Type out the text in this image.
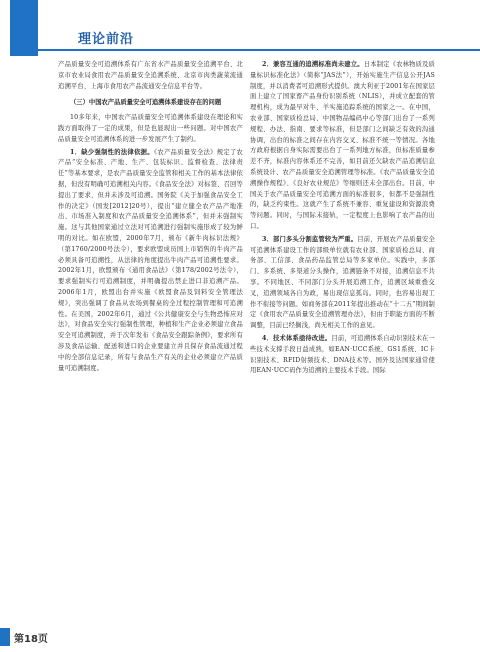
理论前沿

产品质量安全可追溯体系有广东省水产品质量安全追溯平台、北京市农业局食用农产品质量安全追溯系统、北京市肉类蔬菜流通追溯平台、上海市食用农产品流通安全信息平台等。

（三）中国农产品质量安全可追溯体系建设存在的问题

10多年来，中国农产品质量安全可追溯体系建设在理论和实践方面取得了一定的成果，但是也显现出一些问题。对中国农产品质量安全可追溯体系的进一步发展产生了制约。

1．缺少强制性的法律依据。《农产品质量安全法》规定了农产品“安全标准、产地、生产、包装标识、监督检查、法律责任”等基本要求，是农产品质量安全监管和相关工作的基本法律依据，但没有明确可追溯相关内容。《食品安全法》对标签、召回等提出了要求，但并未涉及可追溯。国务院《关于加强食品安全工作的决定》（国发[2012]20号），提出“建立健全农产品产地准出、市场准入制度和农产品质量安全追溯体系”，但并未强制实施。这与其他国家通过立法对可追溯进行强制实施形成了较为鲜明的对比。如在欧盟，2000年7月，颁布《新牛肉标识法规》（第1760/2000号法令），要求欧盟成员国上市销售的牛肉产品必须具备可追溯性，从法律的角度提出牛肉产品可追溯性要求。2002年1月，欧盟颁布《通用食品法》（第178/2002号法令），要求强制实行可追溯制度，并明确提出禁止进口非追溯产品。2006年1月，欧盟出台并实施《欧盟食品及饲料安全管理法规》，突出强调了食品从农场到餐桌的全过程控制管理和可追溯性。在美国，2002年6月，通过《公共健康安全与生物恐怖应对法》，对食品安全实行强制性管理，种植和生产企业必须建立食品安全可追溯制度，并于次年发布《食品安全跟踪条例》，要求所有涉及食品运输、配送和进口的企业要建立并且保存食品流通过程中的全部信息记录，所有与食品生产有关的企业必须建立产品质量可追溯制度。

2．兼容互通的追溯标准尚未建立。日本制定《农林物质及质量标识标准化法》（简称“JAS法”），开始实施生产信息公开JAS制度，并以消费者可追溯形式提供。澳大利亚于2001年在国家层面上建立了国家畜产品身份识别系统（NLIS），并成立配套的管理机构，成为最早对牛、羊实施追踪系统的国家之一。在中国，农业部、国家质检总局、中国物品编码中心等部门出台了一系列规程、办法、指南、要求等标准，但是部门之间缺乏有效的沟通协调，出台的标准之间存在内容交叉、标准不统一等情况。各地方政府根据自身实际需要出台了一系列地方标准，但标准质量参差不齐，标准内容体系还不完善，如目前还欠缺农产品追溯信息系统设计、农产品质量安全追溯管理等标准。《农产品质量安全追溯操作规程》、《良好农业规范》等细则还未全部出台。目前，中国关于农产品质量安全可追溯方面的标准很多，但都不是强制性的，缺乏约束性。这就产生了系统不兼容、重复建设和资源浪费等问题。同时，与国际未接轨，一定程度上也影响了农产品的出口。

3．部门多头分割监管较为严重。目前，开展农产品质量安全可追溯体系建设工作的部级单位就有农业部、国家质检总局、商务部、工信部、食品药品监管总局等多家单位。实践中，多部门、多系统、多渠道分头操作，追溯链条不对接，追溯信息不共享。不同地区、不同部门分头开展追溯工作，追溯区域重叠交叉，追溯领域各自为政，易出现信息孤岛。同时，也容易出现工作不衔接等问题。如商务部在2011年提出推动在“十二五”期间制定《食用农产品质量安全追溯管理办法》，但由于职能方面的不断调整，目前已经搁浅，尚无相关工作的意见。

4．技术体系亟待改进。目前，可追溯体系自动识别技术在一些技术支撑手段日益成熟，如EAN·UCC系统、GS1系统、IC卡识别技术、RFID射频技术、DNA技术等。国外及达国家通常使用EAN·UCC码作为追溯的主要技术手段。国际

第18页
